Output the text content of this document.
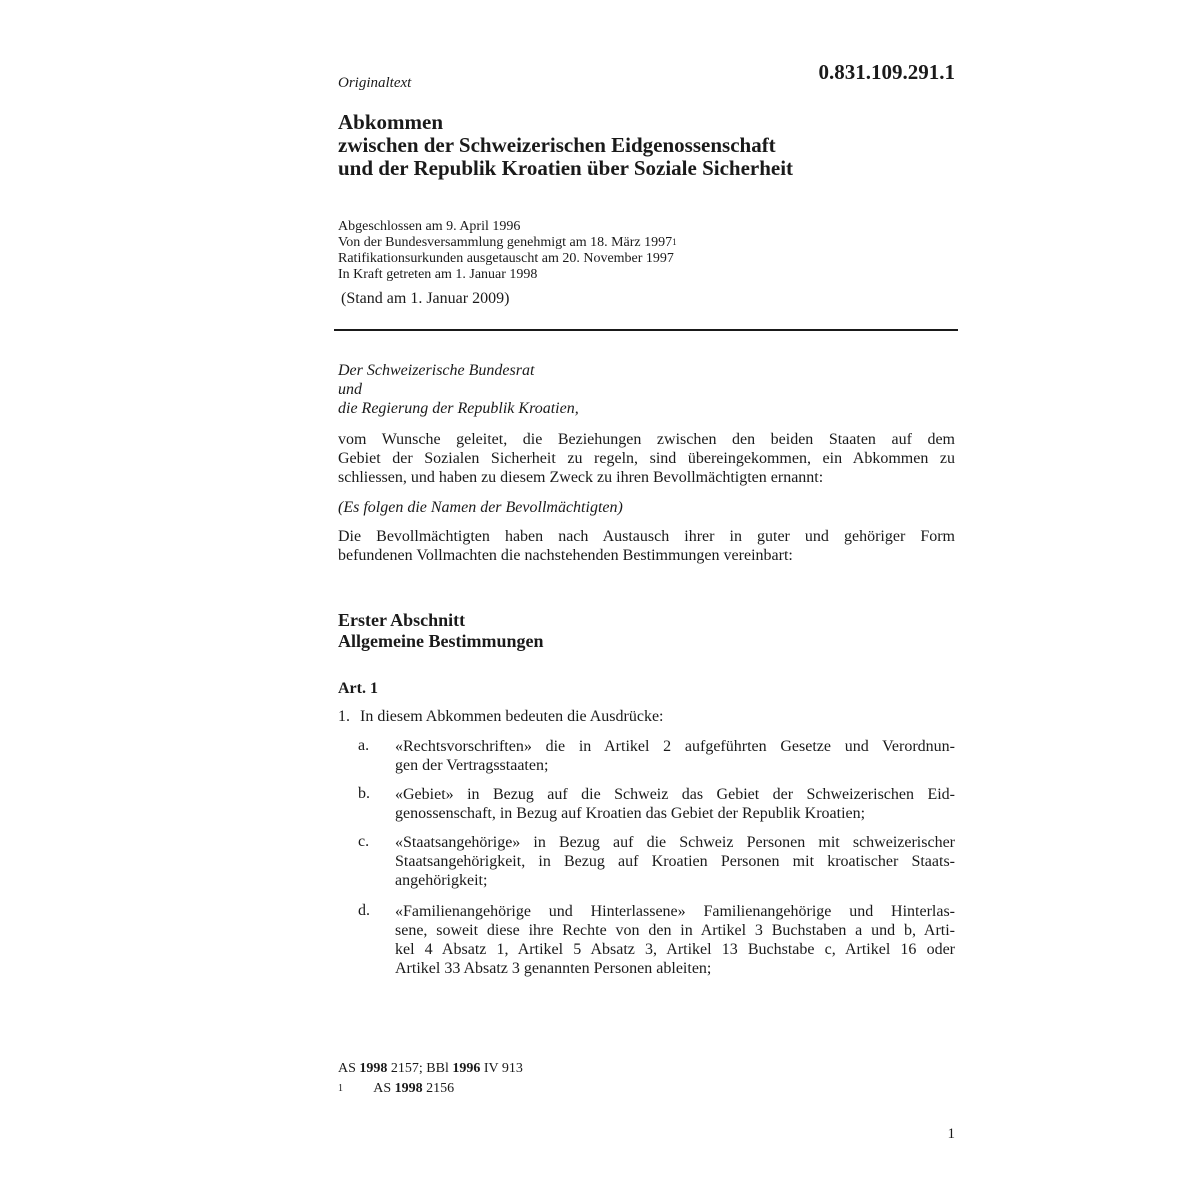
0.831.109.291.1
Originaltext
Abkommen
zwischen der Schweizerischen Eidgenossenschaft
und der Republik Kroatien über Soziale Sicherheit
Abgeschlossen am 9. April 1996
Von der Bundesversammlung genehmigt am 18. März 1997$^1$
Ratifikationsurkunden ausgetauscht am 20. November 1997
In Kraft getreten am 1. Januar 1998
(Stand am 1. Januar 2009)
Der Schweizerische Bundesrat
und
die Regierung der Republik Kroatien,
vom Wunsche geleitet, die Beziehungen zwischen den beiden Staaten auf dem
Gebiet der Sozialen Sicherheit zu regeln, sind übereingekommen, ein Abkommen zu
schliessen, und haben zu diesem Zweck zu ihren Bevollmächtigten ernannt:
(Es folgen die Namen der Bevollmächtigten)
Die Bevollmächtigten haben nach Austausch ihrer in guter und gehöriger Form
befundenen Vollmachten die nachstehenden Bestimmungen vereinbart:
Erster Abschnitt
Allgemeine Bestimmungen
Art. 1
1. In diesem Abkommen bedeuten die Ausdrücke:
a. «Rechtsvorschriften» die in Artikel 2 aufgeführten Gesetze und Verordnun-
gen der Vertragsstaaten;
b. «Gebiet» in Bezug auf die Schweiz das Gebiet der Schweizerischen Eid-
genossenschaft, in Bezug auf Kroatien das Gebiet der Republik Kroatien;
c. «Staatsangehörige» in Bezug auf die Schweiz Personen mit schweizerischer
Staatsangehörigkeit, in Bezug auf Kroatien Personen mit kroatischer Staats-
angehörigkeit;
d. «Familienangehörige und Hinterlassene» Familienangehörige und Hinterlas-
sene, soweit diese ihre Rechte von den in Artikel 3 Buchstaben a und b, Arti-
kel 4 Absatz 1, Artikel 5 Absatz 3, Artikel 13 Buchstabe c, Artikel 16 oder
Artikel 33 Absatz 3 genannten Personen ableiten;
AS 1998 2157; BBl 1996 IV 913
$^1$ AS 1998 2156
1
